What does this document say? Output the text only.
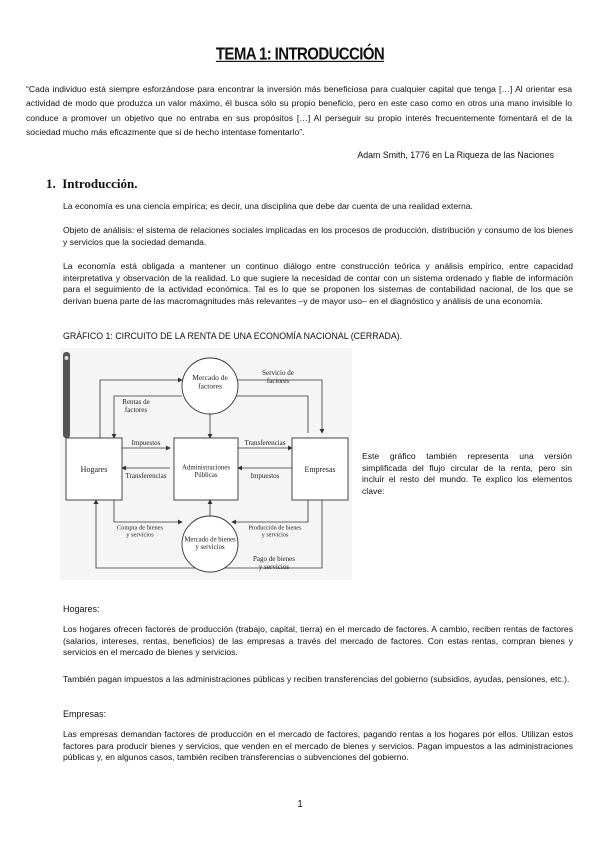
TEMA 1: INTRODUCCIÓN
“Cada individuo está siempre esforzándose para encontrar la inversión más beneficiosa para cualquier capital que tenga […] Al orientar esa actividad de modo que produzca un valor máximo, él busca sólo su propio beneficio, pero en este caso como en otros una mano invisible lo conduce a promover un objetivo que no entraba en sus propósitos […] Al perseguir su propio interés frecuentemente fomentará el de la sociedad mucho más eficazmente que si de hecho intentase fomentarlo”.
Adam Smith, 1776 en La Riqueza de las Naciones
1. Introducción.
La economía es una ciencia empírica; es decir, una disciplina que debe dar cuenta de una realidad externa.
Objeto de análisis: el sistema de relaciones sociales implicadas en los procesos de producción, distribución y consumo de los bienes y servicios que la sociedad demanda.
La economía está obligada a mantener un continuo diálogo entre construcción teórica y análisis empírico, entre capacidad interpretativa y observación de la realidad. Lo que sugiere la necesidad de contar con un sistema ordenado y fiable de información para el seguimiento de la actividad económica. Tal es lo que se proponen los sistemas de contabilidad nacional, de los que se derivan buena parte de las macromagnitudes más relevantes –y de mayor uso– en el diagnóstico y análisis de una economía.
GRÁFICO 1: CIRCUITO DE LA RENTA DE UNA ECONOMÍA NACIONAL (CERRADA).
Mercado de factores
Hogares	Administraciones Públicas
Empresas
Mercado de bienes y servicios
Servicio de factores
Rentas de factores
Impuestos
Transferencias
Transferencias
Impuestos
Compra de bienes y servicios
Producción de bienes y servicios
Pago de bienes y servicios
Este gráfico también representa una versión simplificada del flujo circular de la renta, pero sin incluir el resto del mundo. Te explico los elementos clave:
Hogares:
Los hogares ofrecen factores de producción (trabajo, capital, tierra) en el mercado de factores. A cambio, reciben rentas de factores (salarios, intereses, rentas, beneficios) de las empresas a través del mercado de factores. Con estas rentas, compran bienes y servicios en el mercado de bienes y servicios.
También pagan impuestos a las administraciones públicas y reciben transferencias del gobierno (subsidios, ayudas, pensiones, etc.).
Empresas:
Las empresas demandan factores de producción en el mercado de factores, pagando rentas a los hogares por ellos. Utilizan estos factores para producir bienes y servicios, que venden en el mercado de bienes y servicios. Pagan impuestos a las administraciones públicas y, en algunos casos, también reciben transferencias o subvenciones del gobierno.
1
